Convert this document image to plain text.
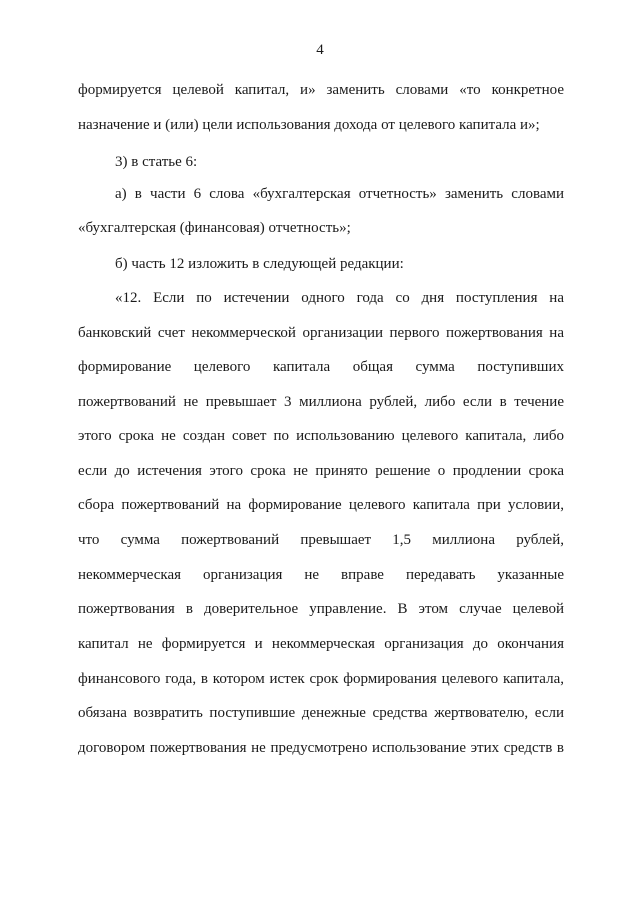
4
формируется целевой капитал, и» заменить словами «то конкретное
назначение и (или) цели использования дохода от целевого капитала и»;
3) в статье 6:
а) в части 6 слова «бухгалтерская отчетность» заменить словами
«бухгалтерская (финансовая) отчетность»;
б) часть 12 изложить в следующей редакции:
«12. Если по истечении одного года со дня поступления на
банковский счет некоммерческой организации первого пожертвования на
формирование целевого капитала общая сумма поступивших
пожертвований не превышает 3 миллиона рублей, либо если в течение
этого срока не создан совет по использованию целевого капитала, либо
если до истечения этого срока не принято решение о продлении срока
сбора пожертвований на формирование целевого капитала при условии,
что сумма пожертвований превышает 1,5 миллиона рублей,
некоммерческая организация не вправе передавать указанные
пожертвования в доверительное управление. В этом случае целевой
капитал не формируется и некоммерческая организация до окончания
финансового года, в котором истек срок формирования целевого капитала,
обязана возвратить поступившие денежные средства жертвователю, если
договором пожертвования не предусмотрено использование этих средств в
